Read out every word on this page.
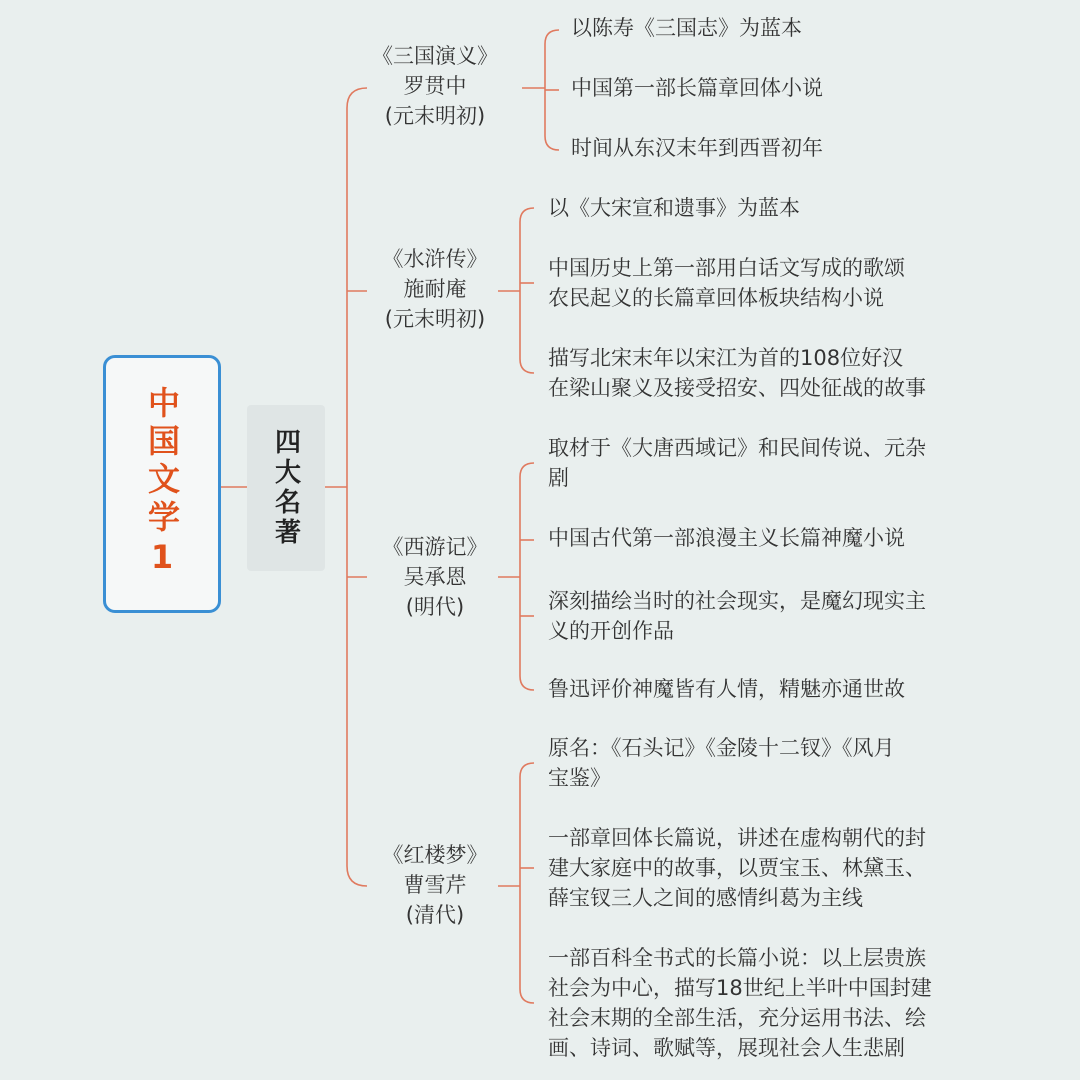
中国文学1	四大名著
《三国演义》
罗贯中
(元末明初)
《水浒传》
施耐庵
(元末明初)
《西游记》
吴承恩
(明代)
《红楼梦》
曹雪芹
(清代)
以陈寿《三国志》为蓝本
中国第一部长篇章回体小说
时间从东汉末年到西晋初年
以《大宋宣和遗事》为蓝本
中国历史上第一部用白话文写成的歌颂
农民起义的长篇章回体板块结构小说
描写北宋末年以宋江为首的108位好汉
在梁山聚义及接受招安、四处征战的故事
取材于《大唐西域记》和民间传说、元杂
剧
中国古代第一部浪漫主义长篇神魔小说
深刻描绘当时的社会现实，是魔幻现实主
义的开创作品
鲁迅评价神魔皆有人情，精魅亦通世故
原名：《石头记》《金陵十二钗》《风月
宝鉴》
一部章回体长篇说，讲述在虚构朝代的封
建大家庭中的故事，以贾宝玉、林黛玉、
薛宝钗三人之间的感情纠葛为主线
一部百科全书式的长篇小说：以上层贵族
社会为中心，描写18世纪上半叶中国封建
社会末期的全部生活，充分运用书法、绘
画、诗词、歌赋等，展现社会人生悲剧
